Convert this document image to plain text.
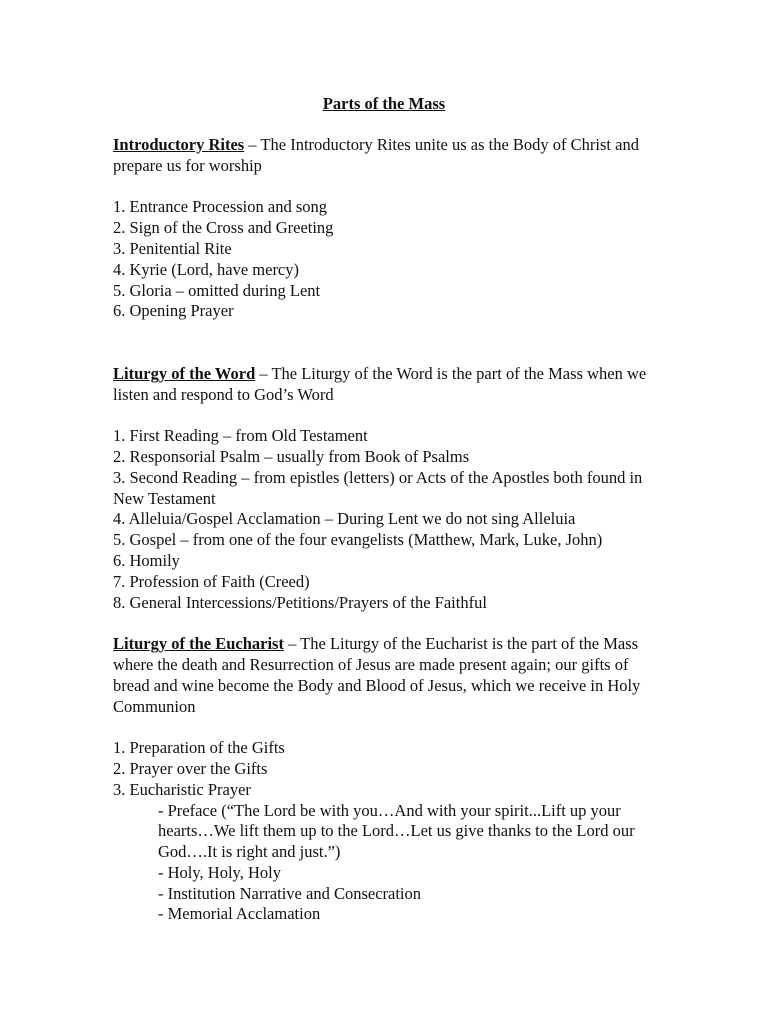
Parts of the Mass

Introductory Rites – The Introductory Rites unite us as the Body of Christ and prepare us for worship

1. Entrance Procession and song
2. Sign of the Cross and Greeting
3. Penitential Rite
4. Kyrie (Lord, have mercy)
5. Gloria – omitted during Lent
6. Opening Prayer

Liturgy of the Word – The Liturgy of the Word is the part of the Mass when we listen and respond to God’s Word

1. First Reading – from Old Testament
2. Responsorial Psalm – usually from Book of Psalms
3. Second Reading – from epistles (letters) or Acts of the Apostles both found in New Testament
4. Alleluia/Gospel Acclamation – During Lent we do not sing Alleluia
5. Gospel – from one of the four evangelists (Matthew, Mark, Luke, John)
6. Homily
7. Profession of Faith (Creed)
8. General Intercessions/Petitions/Prayers of the Faithful

Liturgy of the Eucharist – The Liturgy of the Eucharist is the part of the Mass where the death and Resurrection of Jesus are made present again; our gifts of bread and wine become the Body and Blood of Jesus, which we receive in Holy Communion

1. Preparation of the Gifts
2. Prayer over the Gifts
3. Eucharistic Prayer
- Preface (“The Lord be with you…And with your spirit...Lift up your hearts…We lift them up to the Lord…Let us give thanks to the Lord our God….It is right and just.”)
- Holy, Holy, Holy
- Institution Narrative and Consecration
- Memorial Acclamation
